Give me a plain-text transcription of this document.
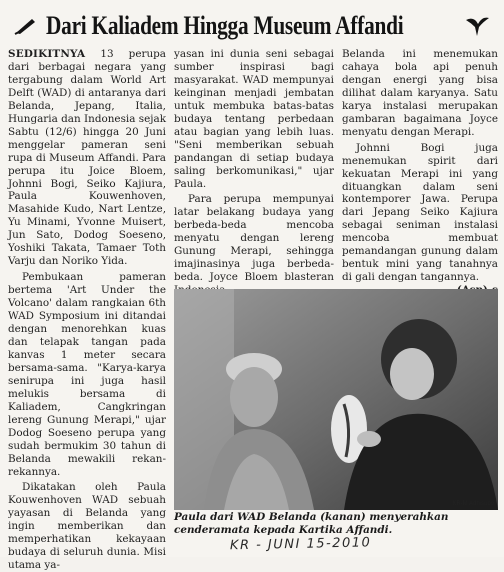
Dari Kaliadem Hingga Museum Affandi

SEDIKITNYA 13 perupa dari berbagai negara yang tergabung dalam World Art Delft (WAD) di antaranya dari Belanda, Jepang, Italia, Hungaria dan Indonesia sejak Sabtu (12/6) hingga 20 Juni menggelar pameran seni rupa di Museum Affandi. Para perupa itu Joice Bloem, Johnni Bogi, Seiko Kajiura, Paula Kouwenhoven, Masahide Kudo, Nart Lentze, Yu Minami, Yvonne Muisert, Jun Sato, Dodog Soeseno, Yoshiki Takata, Tamaer Toth Varju dan Noriko Yida.

Pembukaan pameran bertema 'Art Under the Volcano' dalam rangkaian 6th WAD Symposium ini ditandai dengan menorehkan kuas dan telapak tangan pada kanvas 1 meter secara bersama-sama. "Karya-karya senirupa ini juga hasil melukis bersama di Kaliadem, Cangkringan lereng Gunung Merapi," ujar Dodog Soeseno perupa yang sudah bermukim 30 tahun di Belanda mewakili rekan-rekannya.

Dikatakan oleh Paula Kouwenhoven WAD sebuah yayasan di Belanda yang ingin memberikan dan memperhatikan kekayaan budaya di seluruh dunia. Misi utama ya-

yasan ini dunia seni sebagai sumber inspirasi bagi masyarakat. WAD mempunyai keinginan menjadi jembatan untuk membuka batas-batas budaya tentang perbedaan atau bagian yang lebih luas. "Seni memberikan sebuah pandangan di setiap budaya saling berkomunikasi," ujar Paula.

Para perupa mempunyai latar belakang budaya yang berbeda-beda mencoba menyatu dengan lereng Gunung Merapi, sehingga imajinasinya juga berbeda-beda. Joyce Bloem blasteran

Belanda ini menemukan cahaya bola api penuh dengan energi yang bisa dilihat dalam karyanya. Satu karya instalasi merupakan gambaran bagaimana Joyce menyatu dengan Merapi.

Johnni Bogi juga menemukan spirit dari kekuatan Merapi ini yang dituangkan dalam seni kontemporer Jawa. Perupa dari Jepang Seiko Kajiura sebagai seniman instalasi mencoba membuat pemandangan gunung dalam bentuk mini yang tanahnya di gali dengan tangannya.

KR-M Adhisupo

Paula dari WAD Belanda (kanan) menyerahkan cenderamata kepada Kartika Affandi.

KR - JUNI 15-2010
